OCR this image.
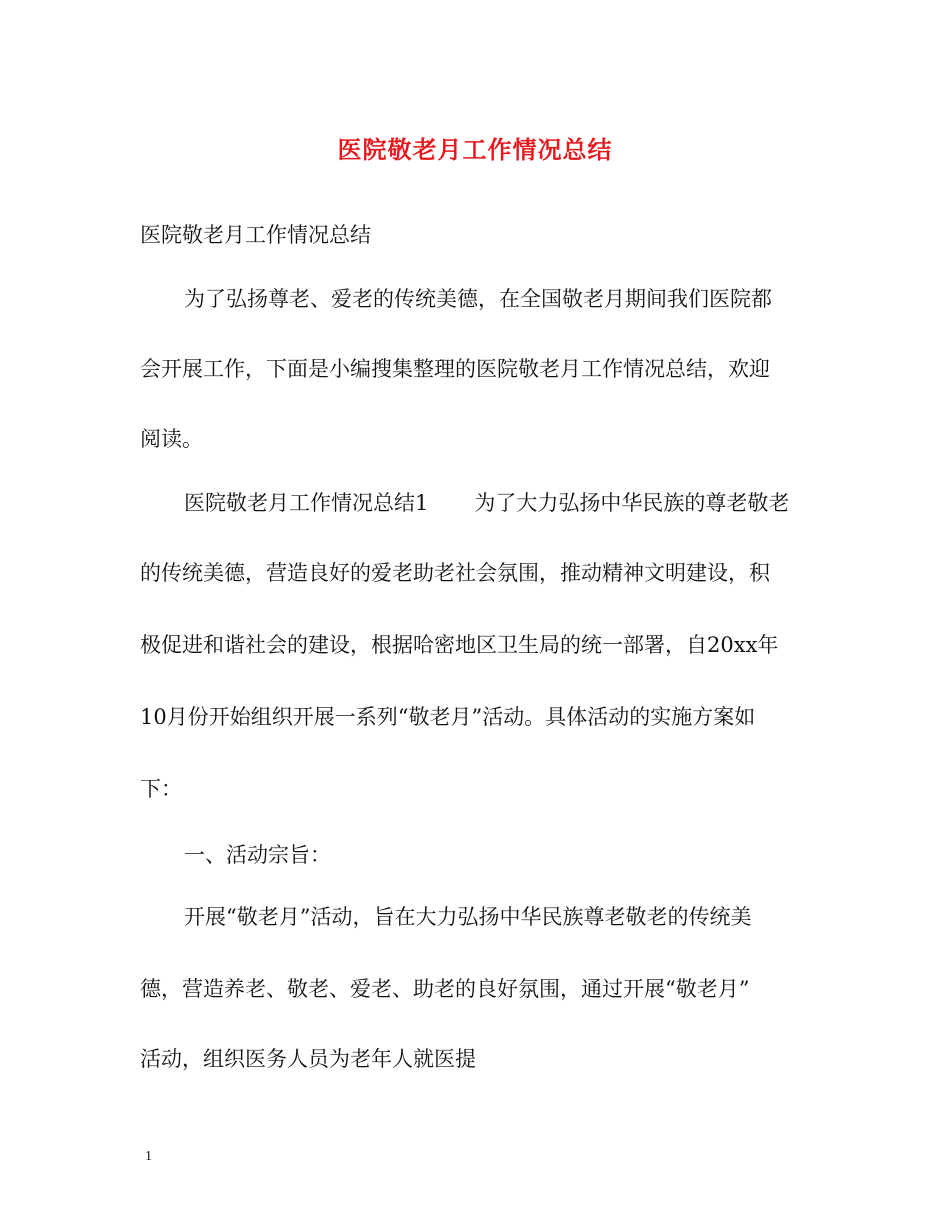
医院敬老月工作情况总结
医院敬老月工作情况总结
为了弘扬尊老、爱老的传统美德，在全国敬老月期间我们医院都
会开展工作，下面是小编搜集整理的医院敬老月工作情况总结，欢迎
阅读。
医院敬老月工作情况总结1 为了大力弘扬中华民族的尊老敬老
的传统美德，营造良好的爱老助老社会氛围，推动精神文明建设，积
极促进和谐社会的建设，根据哈密地区卫生局的统一部署，自20xx年
10月份开始组织开展一系列“敬老月”活动。具体活动的实施方案如
下：
一、活动宗旨：
开展“敬老月”活动，旨在大力弘扬中华民族尊老敬老的传统美
德，营造养老、敬老、爱老、助老的良好氛围，通过开展“敬老月”
活动，组织医务人员为老年人就医提
1
